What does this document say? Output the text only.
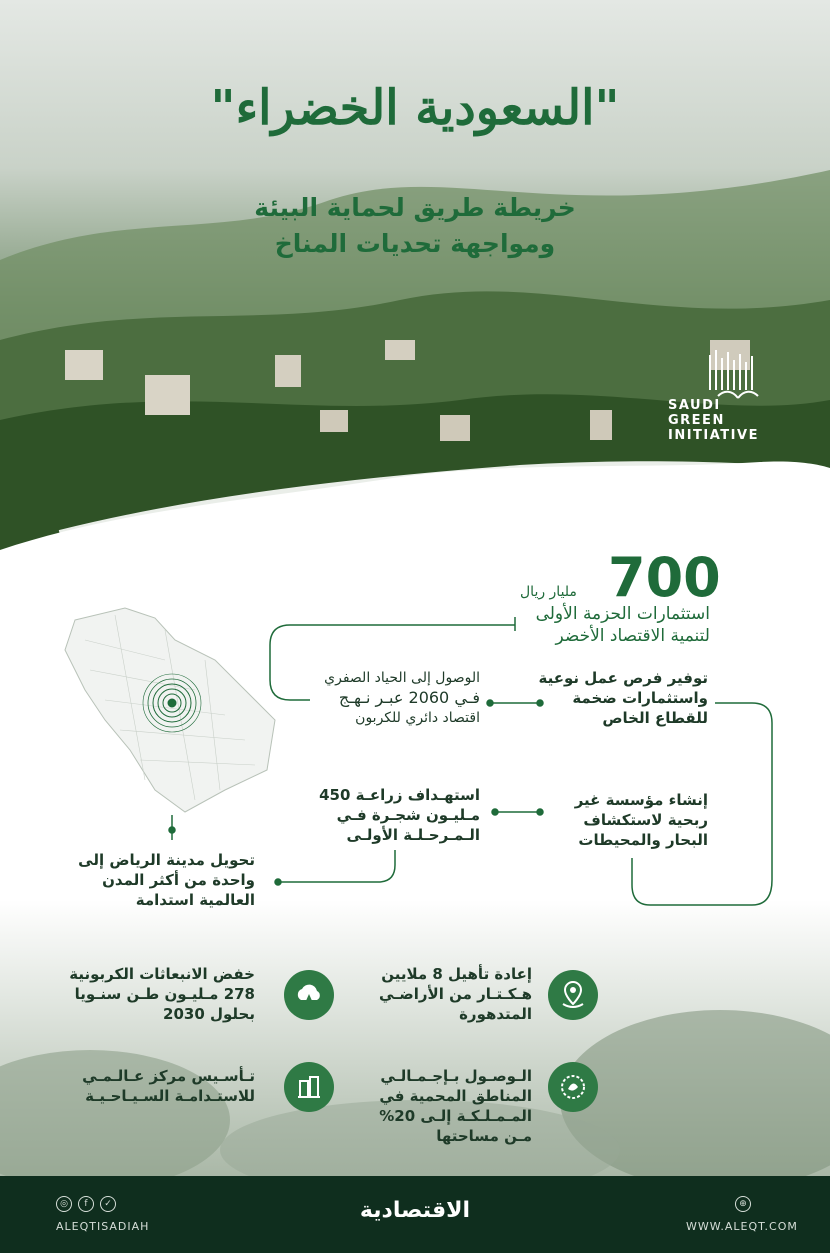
"السعودية الخضراء"
خريطة طريق لحماية البيئة
ومواجهة تحديات المناخ
SAUDI
GREEN
INITIATIVE
700
مليار ريال
استثمارات الحزمة الأولى
لتنمية الاقتصاد الأخضر
الوصول إلى الحياد الصفري
فـي 2060 عبـر نـهـج
اقتصاد دائري للكربون
توفير فرص عمل نوعية
واستثمارات ضخمة
للقطاع الخاص
استهـداف زراعـة 450
مـليـون شجـرة فـي
الـمـرحـلـة الأولـى
إنشاء مؤسسة غير
ربحية لاستكشاف
البحار والمحيطات
تحويل مدينة الرياض إلى
واحدة من أكثر المدن
العالمية استدامة
خفض الانبعاثات الكربونية
278 مـليـون طـن سنـويا
بحلول 2030
إعادة تأهيل 8 ملايين
هـكـتـار من الأراضـي
المتدهورة
تـأسـيس مركز عـالـمـي
للاستـدامـة السـيـاحـيـة
الـوصـول بـإجـمـالـي
المناطق المحمية في
المـمـلـكـة إلـى 20%
مـن مساحتها
◎	f	✓
ALEQTISADIAH
الاقتصادية	⊕
WWW.ALEQT.COM
